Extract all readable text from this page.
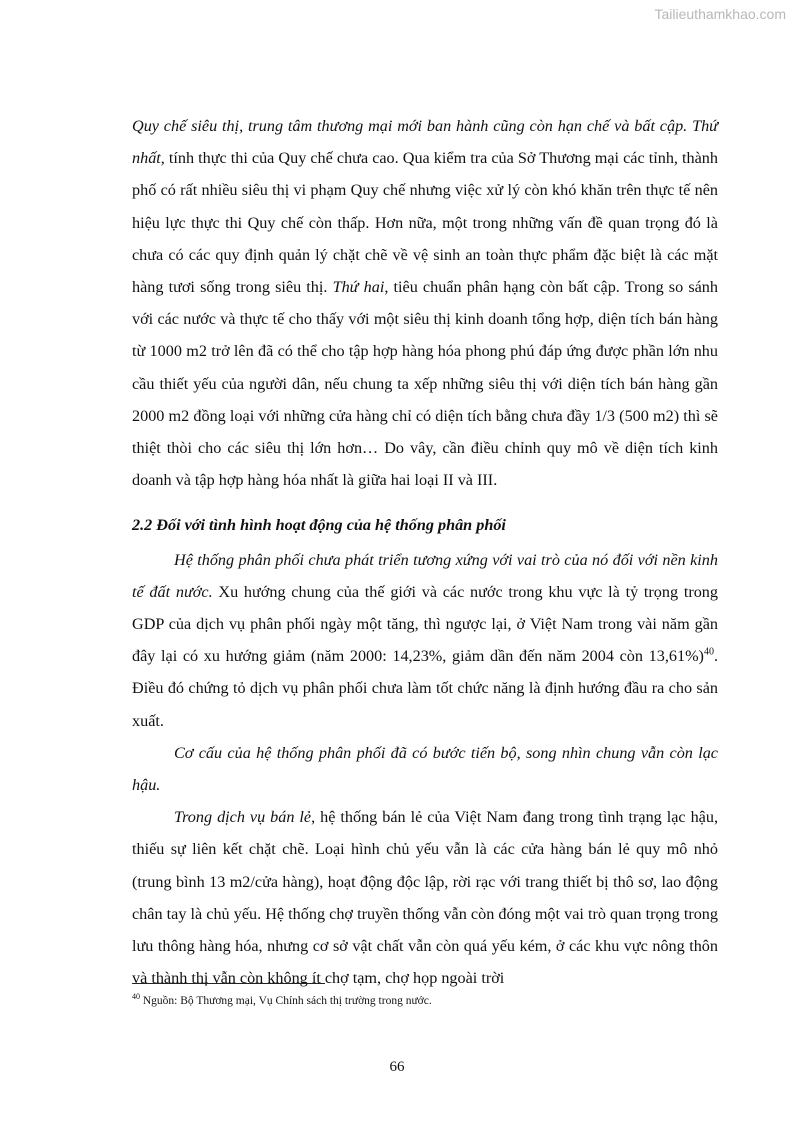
Tailieuthamkhao.com

Quy chế siêu thị, trung tâm thương mại mới ban hành cũng còn hạn chế và bất cập. Thứ nhất, tính thực thi của Quy chế chưa cao. Qua kiểm tra của Sở Thương mại các tỉnh, thành phố có rất nhiều siêu thị vi phạm Quy chế nhưng việc xử lý còn khó khăn trên thực tế nên hiệu lực thực thi Quy chế còn thấp. Hơn nữa, một trong những vấn đề quan trọng đó là chưa có các quy định quản lý chặt chẽ về vệ sinh an toàn thực phẩm đặc biệt là các mặt hàng tươi sống trong siêu thị. Thứ hai, tiêu chuẩn phân hạng còn bất cập. Trong so sánh với các nước và thực tế cho thấy với một siêu thị kinh doanh tổng hợp, diện tích bán hàng từ 1000 m2 trở lên đã có thể cho tập hợp hàng hóa phong phú đáp ứng được phần lớn nhu cầu thiết yếu của người dân, nếu chung ta xếp những siêu thị với diện tích bán hàng gần 2000 m2 đồng loại với những cửa hàng chỉ có diện tích bằng chưa đầy 1/3 (500 m2) thì sẽ thiệt thòi cho các siêu thị lớn hơn… Do vây, cần điều chỉnh quy mô về diện tích kinh doanh và tập hợp hàng hóa nhất là giữa hai loại II và III.

2.2 Đối với tình hình hoạt động của hệ thống phân phối

Hệ thống phân phối chưa phát triển tương xứng với vai trò của nó đối với nền kinh tế đất nước. Xu hướng chung của thế giới và các nước trong khu vực là tỷ trọng trong GDP của dịch vụ phân phối ngày một tăng, thì ngược lại, ở Việt Nam trong vài năm gần đây lại có xu hướng giảm (năm 2000: 14,23%, giảm dần đến năm 2004 còn 13,61%)$^{40}$. Điều đó chứng tỏ dịch vụ phân phối chưa làm tốt chức năng là định hướng đầu ra cho sản xuất.

Cơ cấu của hệ thống phân phối đã có bước tiến bộ, song nhìn chung vẫn còn lạc hậu.

Trong dịch vụ bán lẻ, hệ thống bán lẻ của Việt Nam đang trong tình trạng lạc hậu, thiếu sự liên kết chặt chẽ. Loại hình chủ yếu vẫn là các cửa hàng bán lẻ quy mô nhỏ (trung bình 13 m2/cửa hàng), hoạt động độc lập, rời rạc với trang thiết bị thô sơ, lao động chân tay là chủ yếu. Hệ thống chợ truyền thống vẫn còn đóng một vai trò quan trọng trong lưu thông hàng hóa, nhưng cơ sở vật chất vẫn còn quá yếu kém, ở các khu vực nông thôn và thành thị vẫn còn không ít chợ tạm, chợ họp ngoài trời

$^{40}$ Nguồn: Bộ Thương mại, Vụ Chính sách thị trường trong nước.
66
